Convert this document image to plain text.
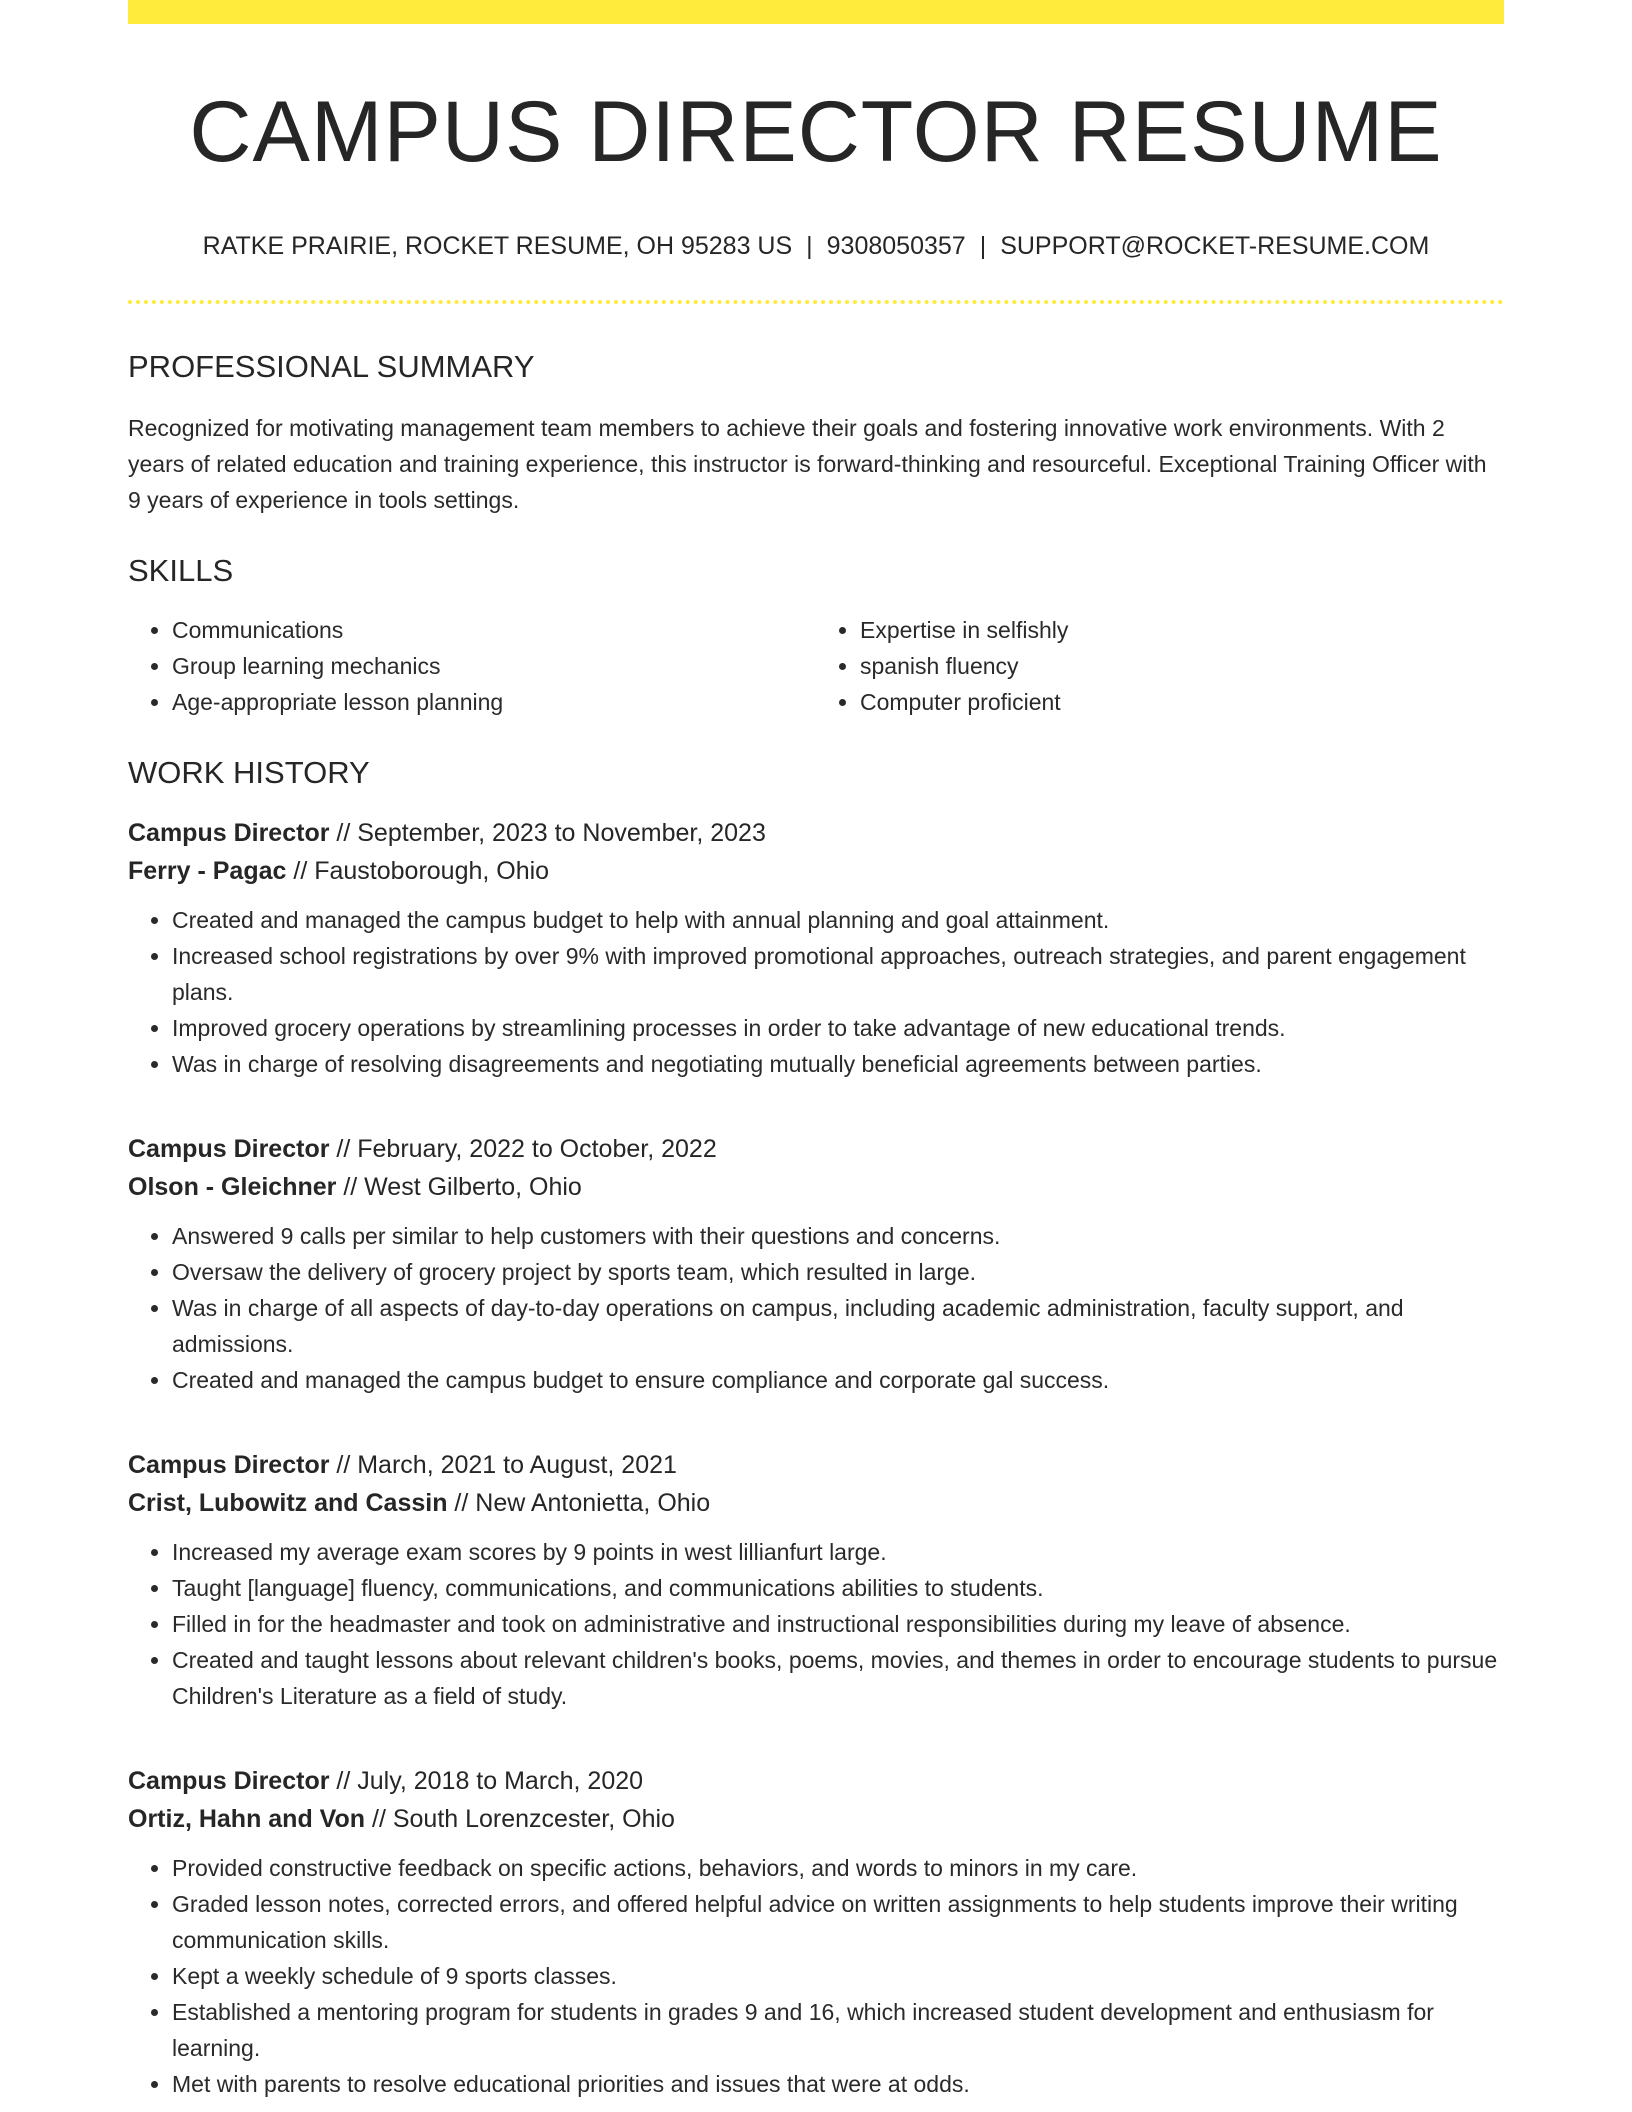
CAMPUS DIRECTOR RESUME
RATKE PRAIRIE, ROCKET RESUME, OH 95283 US | 9308050357 | SUPPORT@ROCKET-RESUME.COM
PROFESSIONAL SUMMARY
Recognized for motivating management team members to achieve their goals and fostering innovative work environments. With 2 years of related education and training experience, this instructor is forward-thinking and resourceful. Exceptional Training Officer with 9 years of experience in tools settings.
SKILLS
• Communications
• Group learning mechanics
• Age-appropriate lesson planning
• Expertise in selfishly
• spanish fluency
• Computer proficient
WORK HISTORY
Campus Director // September, 2023 to November, 2023
Ferry - Pagac // Faustoborough, Ohio
• Created and managed the campus budget to help with annual planning and goal attainment.
• Increased school registrations by over 9% with improved promotional approaches, outreach strategies, and parent engagement plans.
• Improved grocery operations by streamlining processes in order to take advantage of new educational trends.
• Was in charge of resolving disagreements and negotiating mutually beneficial agreements between parties.
Campus Director // February, 2022 to October, 2022
Olson - Gleichner // West Gilberto, Ohio
• Answered 9 calls per similar to help customers with their questions and concerns.
• Oversaw the delivery of grocery project by sports team, which resulted in large.
• Was in charge of all aspects of day-to-day operations on campus, including academic administration, faculty support, and admissions.
• Created and managed the campus budget to ensure compliance and corporate gal success.
Campus Director // March, 2021 to August, 2021
Crist, Lubowitz and Cassin // New Antonietta, Ohio
• Increased my average exam scores by 9 points in west lillianfurt large.
• Taught [language] fluency, communications, and communications abilities to students.
• Filled in for the headmaster and took on administrative and instructional responsibilities during my leave of absence.
• Created and taught lessons about relevant children's books, poems, movies, and themes in order to encourage students to pursue Children's Literature as a field of study.
Campus Director // July, 2018 to March, 2020
Ortiz, Hahn and Von // South Lorenzcester, Ohio
• Provided constructive feedback on specific actions, behaviors, and words to minors in my care.
• Graded lesson notes, corrected errors, and offered helpful advice on written assignments to help students improve their writing communication skills.
• Kept a weekly schedule of 9 sports classes.
• Established a mentoring program for students in grades 9 and 16, which increased student development and enthusiasm for learning.
• Met with parents to resolve educational priorities and issues that were at odds.
